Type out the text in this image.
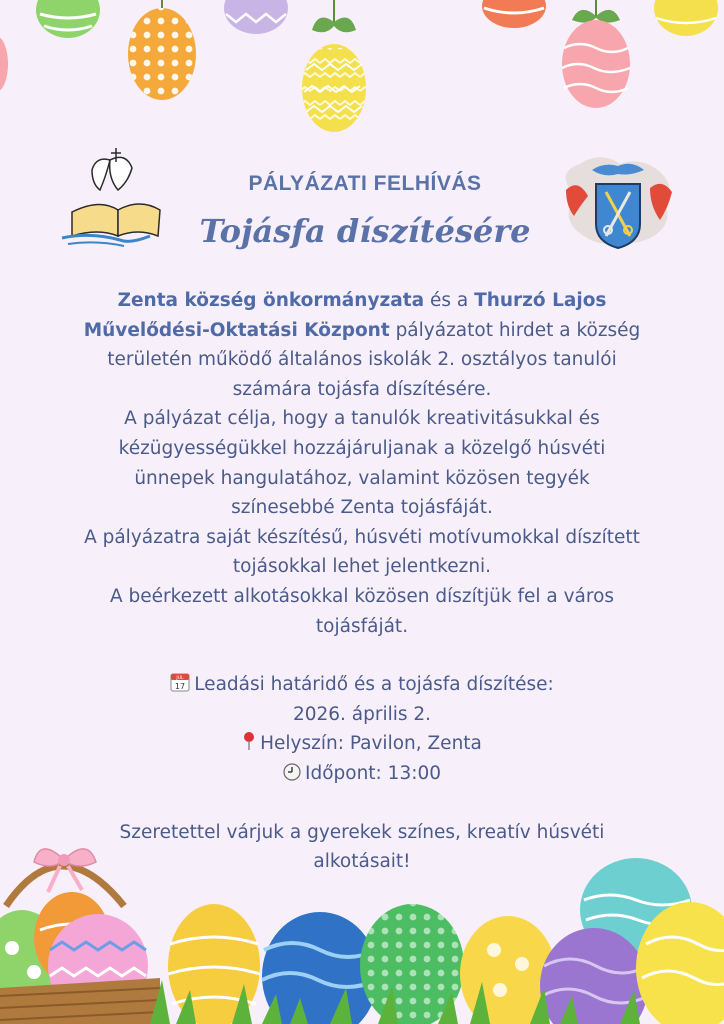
PÁLYÁZATI FELHÍVÁS
Tojásfa díszítésére

Zenta község önkormányzata és a Thurzó Lajos Művelődési-Oktatási Központ pályázatot hirdet a község területén működő általános iskolák 2. osztályos tanulói számára tojásfa díszítésére.

A pályázat célja, hogy a tanulók kreativitásukkal és kézügyességükkel hozzájáruljanak a közelgő húsvéti ünnepek hangulatához, valamint közösen tegyék színesebbé Zenta tojásfáját.

A pályázatra saját készítésű, húsvéti motívumokkal díszített tojásokkal lehet jelentkezni.

A beérkezett alkotásokkal közösen díszítjük fel a város tojásfáját.

JUL
17 Leadási határidő és a tojásfa díszítése:

2026. április 2.

Helyszín: Pavilon, Zenta

Időpont: 13:00

Szeretettel várjuk a gyerekek színes, kreatív húsvéti alkotásait!
